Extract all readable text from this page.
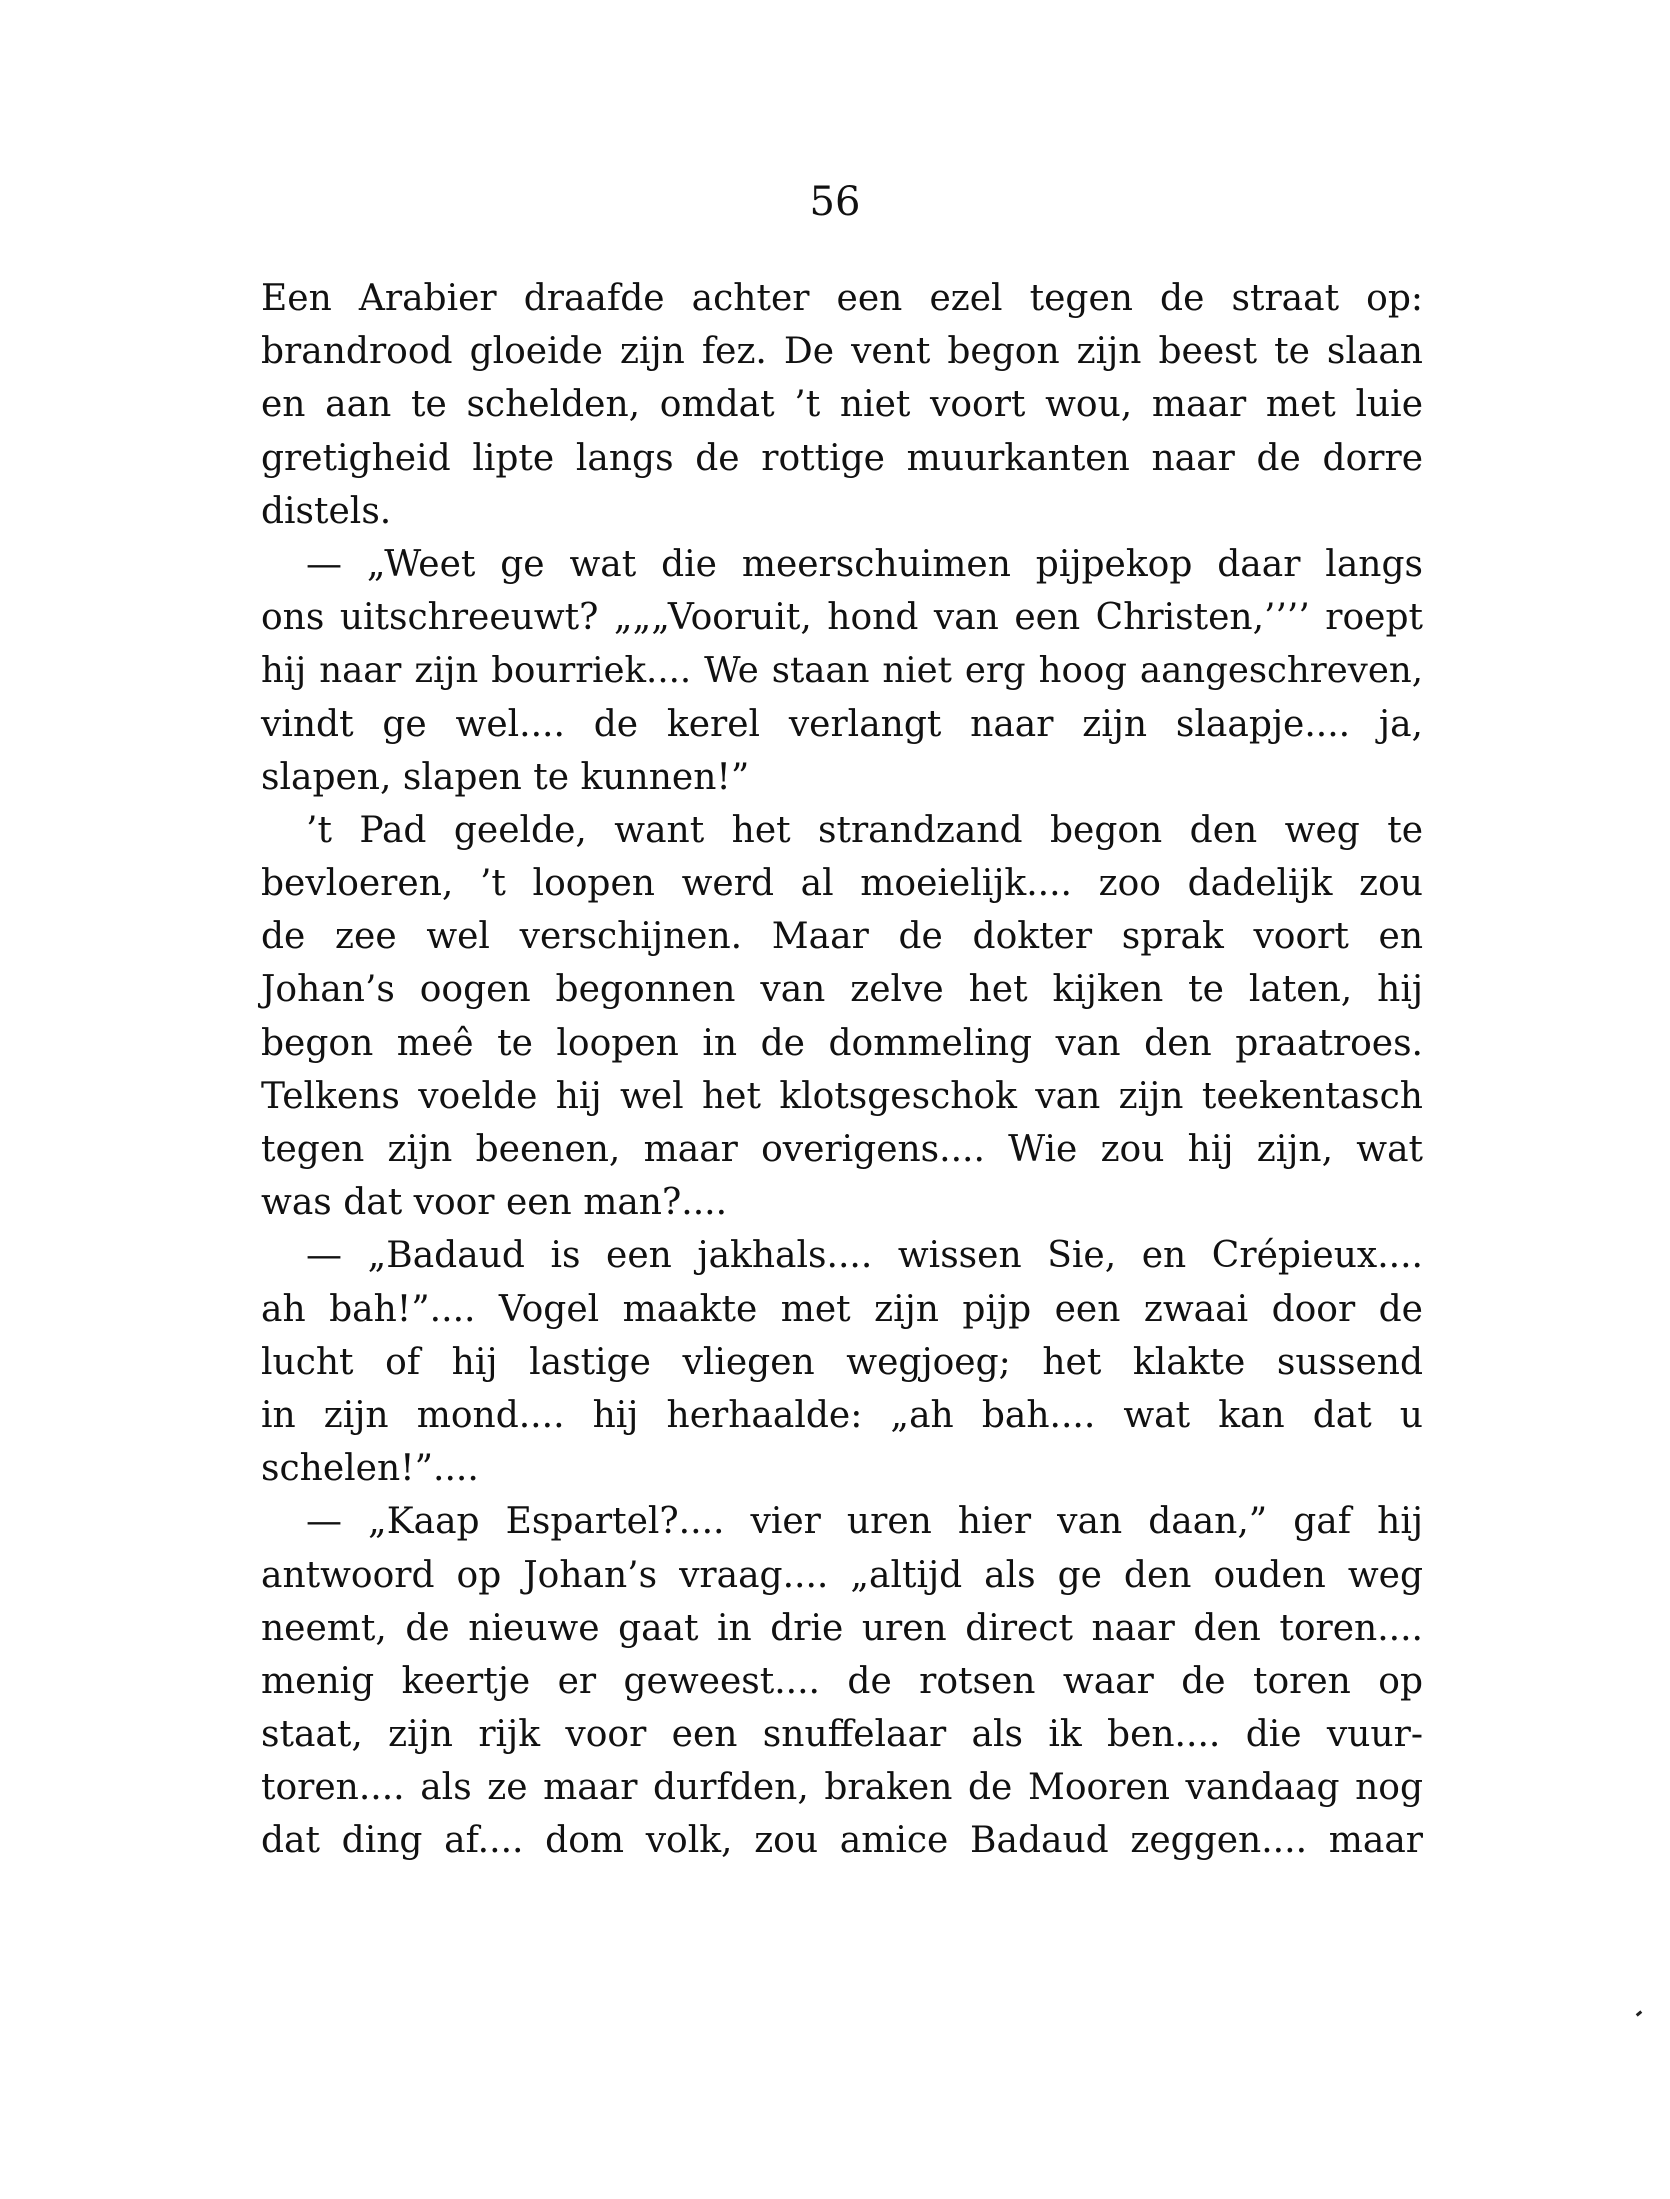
56
Een Arabier draafde achter een ezel tegen de straat op:
brandrood gloeide zijn fez. De vent begon zijn beest te slaan
en aan te schelden, omdat ’t niet voort wou, maar met luie
gretigheid lipte langs de rottige muurkanten naar de dorre
distels.
— „Weet ge wat die meerschuimen pijpekop daar langs
ons uitschreeuwt? „„„Vooruit, hond van een Christen,’’’’ roept
hij naar zijn bourriek.... We staan niet erg hoog aangeschreven,
vindt ge wel.... de kerel verlangt naar zijn slaapje.... ja,
slapen, slapen te kunnen!”
’t Pad geelde, want het strandzand begon den weg te
bevloeren, ’t loopen werd al moeielijk.... zoo dadelijk zou
de zee wel verschijnen. Maar de dokter sprak voort en
Johan’s oogen begonnen van zelve het kijken te laten, hij
begon meê te loopen in de dommeling van den praatroes.
Telkens voelde hij wel het klotsgeschok van zijn teekentasch
tegen zijn beenen, maar overigens.... Wie zou hij zijn, wat
was dat voor een man?....
— „Badaud is een jakhals.... wissen Sie, en Crépieux....
ah bah!”.... Vogel maakte met zijn pijp een zwaai door de
lucht of hij lastige vliegen wegjoeg; het klakte sussend
in zijn mond.... hij herhaalde: „ah bah.... wat kan dat u
schelen!”....
— „Kaap Espartel?.... vier uren hier van daan,” gaf hij
antwoord op Johan’s vraag.... „altijd als ge den ouden weg
neemt, de nieuwe gaat in drie uren direct naar den toren....
menig keertje er geweest.... de rotsen waar de toren op
staat, zijn rijk voor een snuffelaar als ik ben.... die vuur-
toren.... als ze maar durfden, braken de Mooren vandaag nog
dat ding af.... dom volk, zou amice Badaud zeggen.... maar
